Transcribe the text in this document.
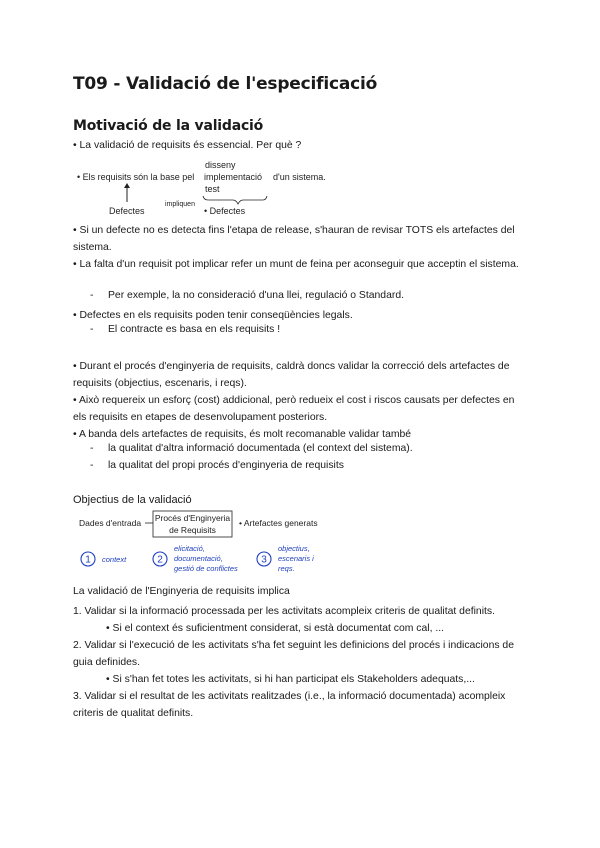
T09 - Validació de l'especificació
Motivació de la validació
• La validació de requisits és essencial. Per què ?
• Els requisits són la base pel
disseny
implementació d'un sistema.
test
Defectes
impliquen
• Defectes
• Si un defecte no es detecta fins l'etapa de release, s'hauran de revisar TOTS els artefactes del sistema.
• La falta d'un requisit pot implicar refer un munt de feina per aconseguir que acceptin el sistema.
- Per exemple, la no consideració d'una llei, regulació o Standard.
• Defectes en els requisits poden tenir conseqüències legals.
- El contracte es basa en els requisits !
• Durant el procés d'enginyeria de requisits, caldrà doncs validar la correcció dels artefactes de requisits (objectius, escenaris, i reqs).
• Això requereix un esforç (cost) addicional, però redueix el cost i riscos causats per defectes en els requisits en etapes de desenvolupament posteriors.
• A banda dels artefactes de requisits, és molt recomanable validar també
- la qualitat d'altra informació documentada (el context del sistema).
- la qualitat del propi procés d'enginyeria de requisits
Objectius de la validació
Dades d'entrada Procés d'Enginyeria
de Requisits
• Artefactes generats
1 context	2
elicitació,
documentació,
gestió de conflictes
3
objectius,
escenaris i
reqs.
La validació de l'Enginyeria de requisits implica
1. Validar si la informació processada per les activitats acompleix criteris de qualitat definits.
• Si el context és suficientment considerat, si està documentat com cal, ...
2. Validar si l'execució de les activitats s'ha fet seguint les definicions del procés i indicacions de guia definides.
• Si s'han fet totes les activitats, si hi han participat els Stakeholders adequats,...
3. Validar si el resultat de les activitats realitzades (i.e., la informació documentada) acompleix criteris de qualitat definits.
